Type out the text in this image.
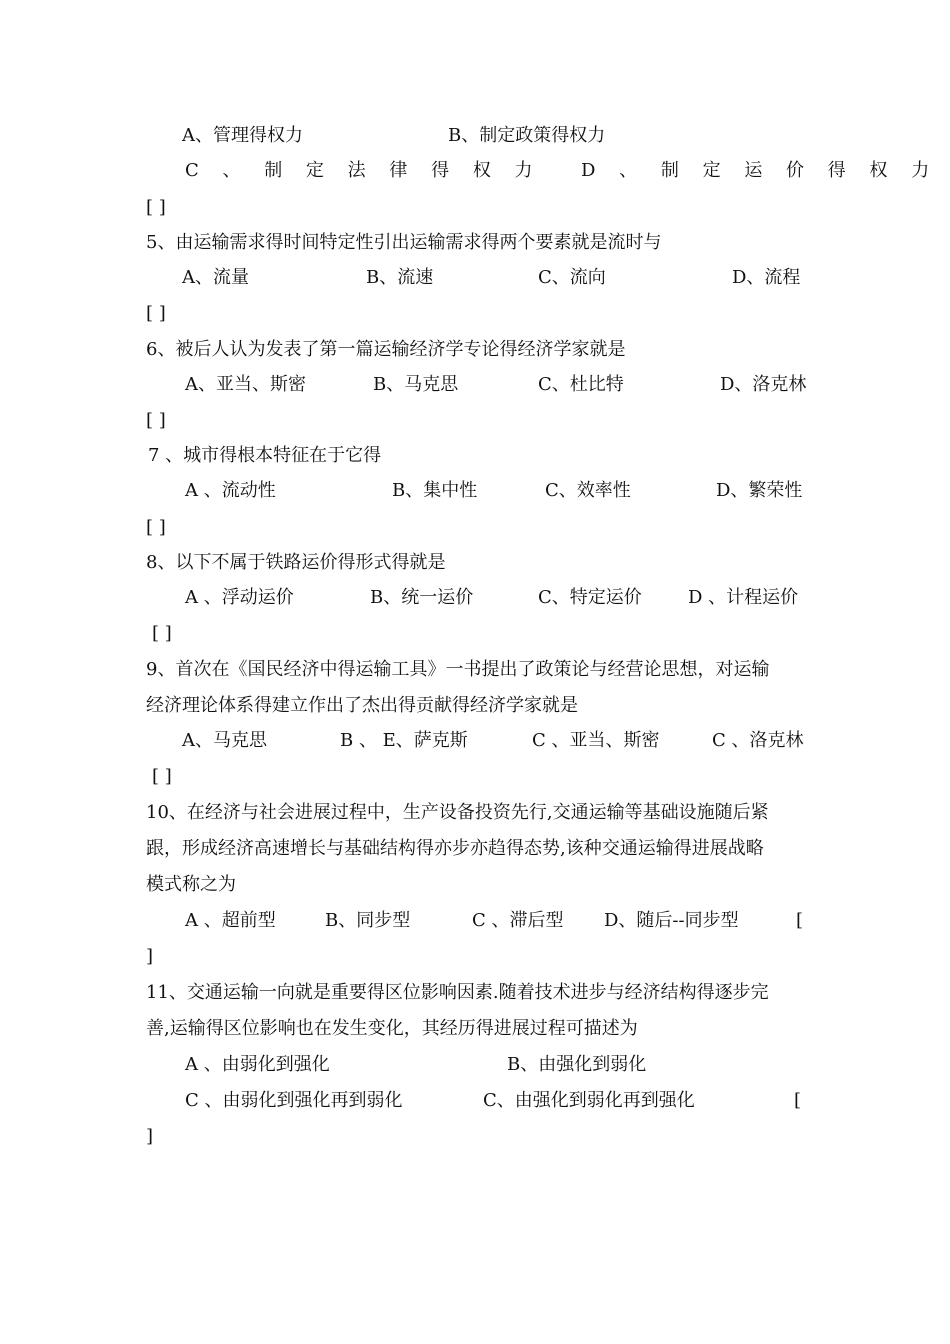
A、管理得权力	B、制定政策得权力
C 、 制 定 法 律 得 权 力 D 、 制 定 运 价 得 权 力
[ ]
5、由运输需求得时间特定性引出运输需求得两个要素就是流时与
A、流量	B、流速	C、流向	D、流程
[ ]
6、被后人认为发表了第一篇运输经济学专论得经济学家就是
A、亚当、斯密	B、马克思	C、杜比特	D、洛克林
[ ]
7 、城市得根本特征在于它得
A 、流动性	B、集中性	C、效率性	D、繁荣性
[ ]
8、以下不属于铁路运价得形式得就是
A 、浮动运价	B、统一运价	C、特定运价	D 、计程运价
[ ]
9、首次在《国民经济中得运输工具》一书提出了政策论与经营论思想，对运输
经济理论体系得建立作出了杰出得贡献得经济学家就是
A、马克思	B 、 E、萨克斯	C 、亚当、斯密	C 、洛克林
[ ]
10、在经济与社会进展过程中，生产设备投资先行,交通运输等基础设施随后紧
跟，形成经济高速增长与基础结构得亦步亦趋得态势,该种交通运输得进展战略
模式称之为
A 、超前型	B、同步型	C 、滞后型 D、随后--同步型	[
]
11、交通运输一向就是重要得区位影响因素.随着技术进步与经济结构得逐步完
善,运输得区位影响也在发生变化，其经历得进展过程可描述为
A 、由弱化到强化	B、由强化到弱化
C 、由弱化到强化再到弱化	C、由强化到弱化再到强化	[
]
